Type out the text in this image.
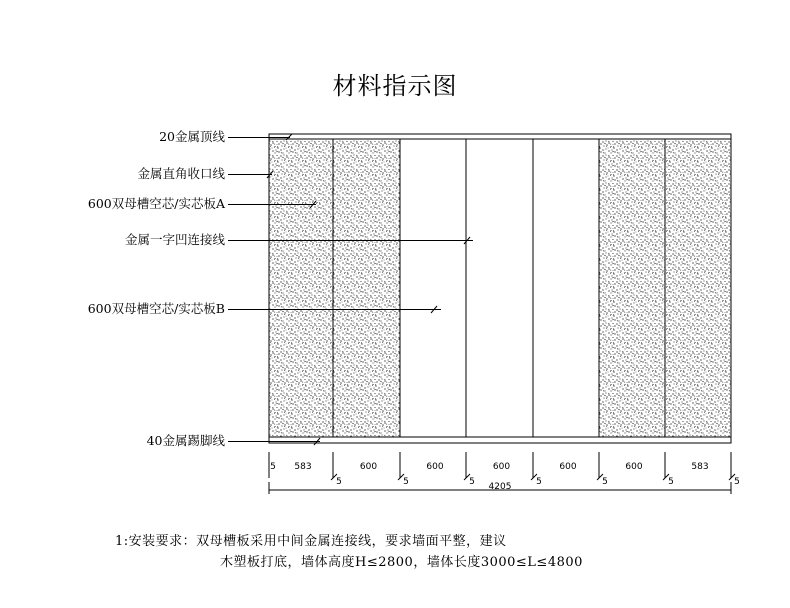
材料指示图
20金属顶线
金属直角收口线
600双母槽空芯/实芯板A
金属一字凹连接线
600双母槽空芯/实芯板B
40金属踢脚线
583	600	600	600	600	600	583
5
5	5	5	5	5	5	5
4205
1:安装要求：双母槽板采用中间金属连接线，要求墙面平整，建议
木塑板打底，墙体高度H≤2800，墙体长度3000≤L≤4800
